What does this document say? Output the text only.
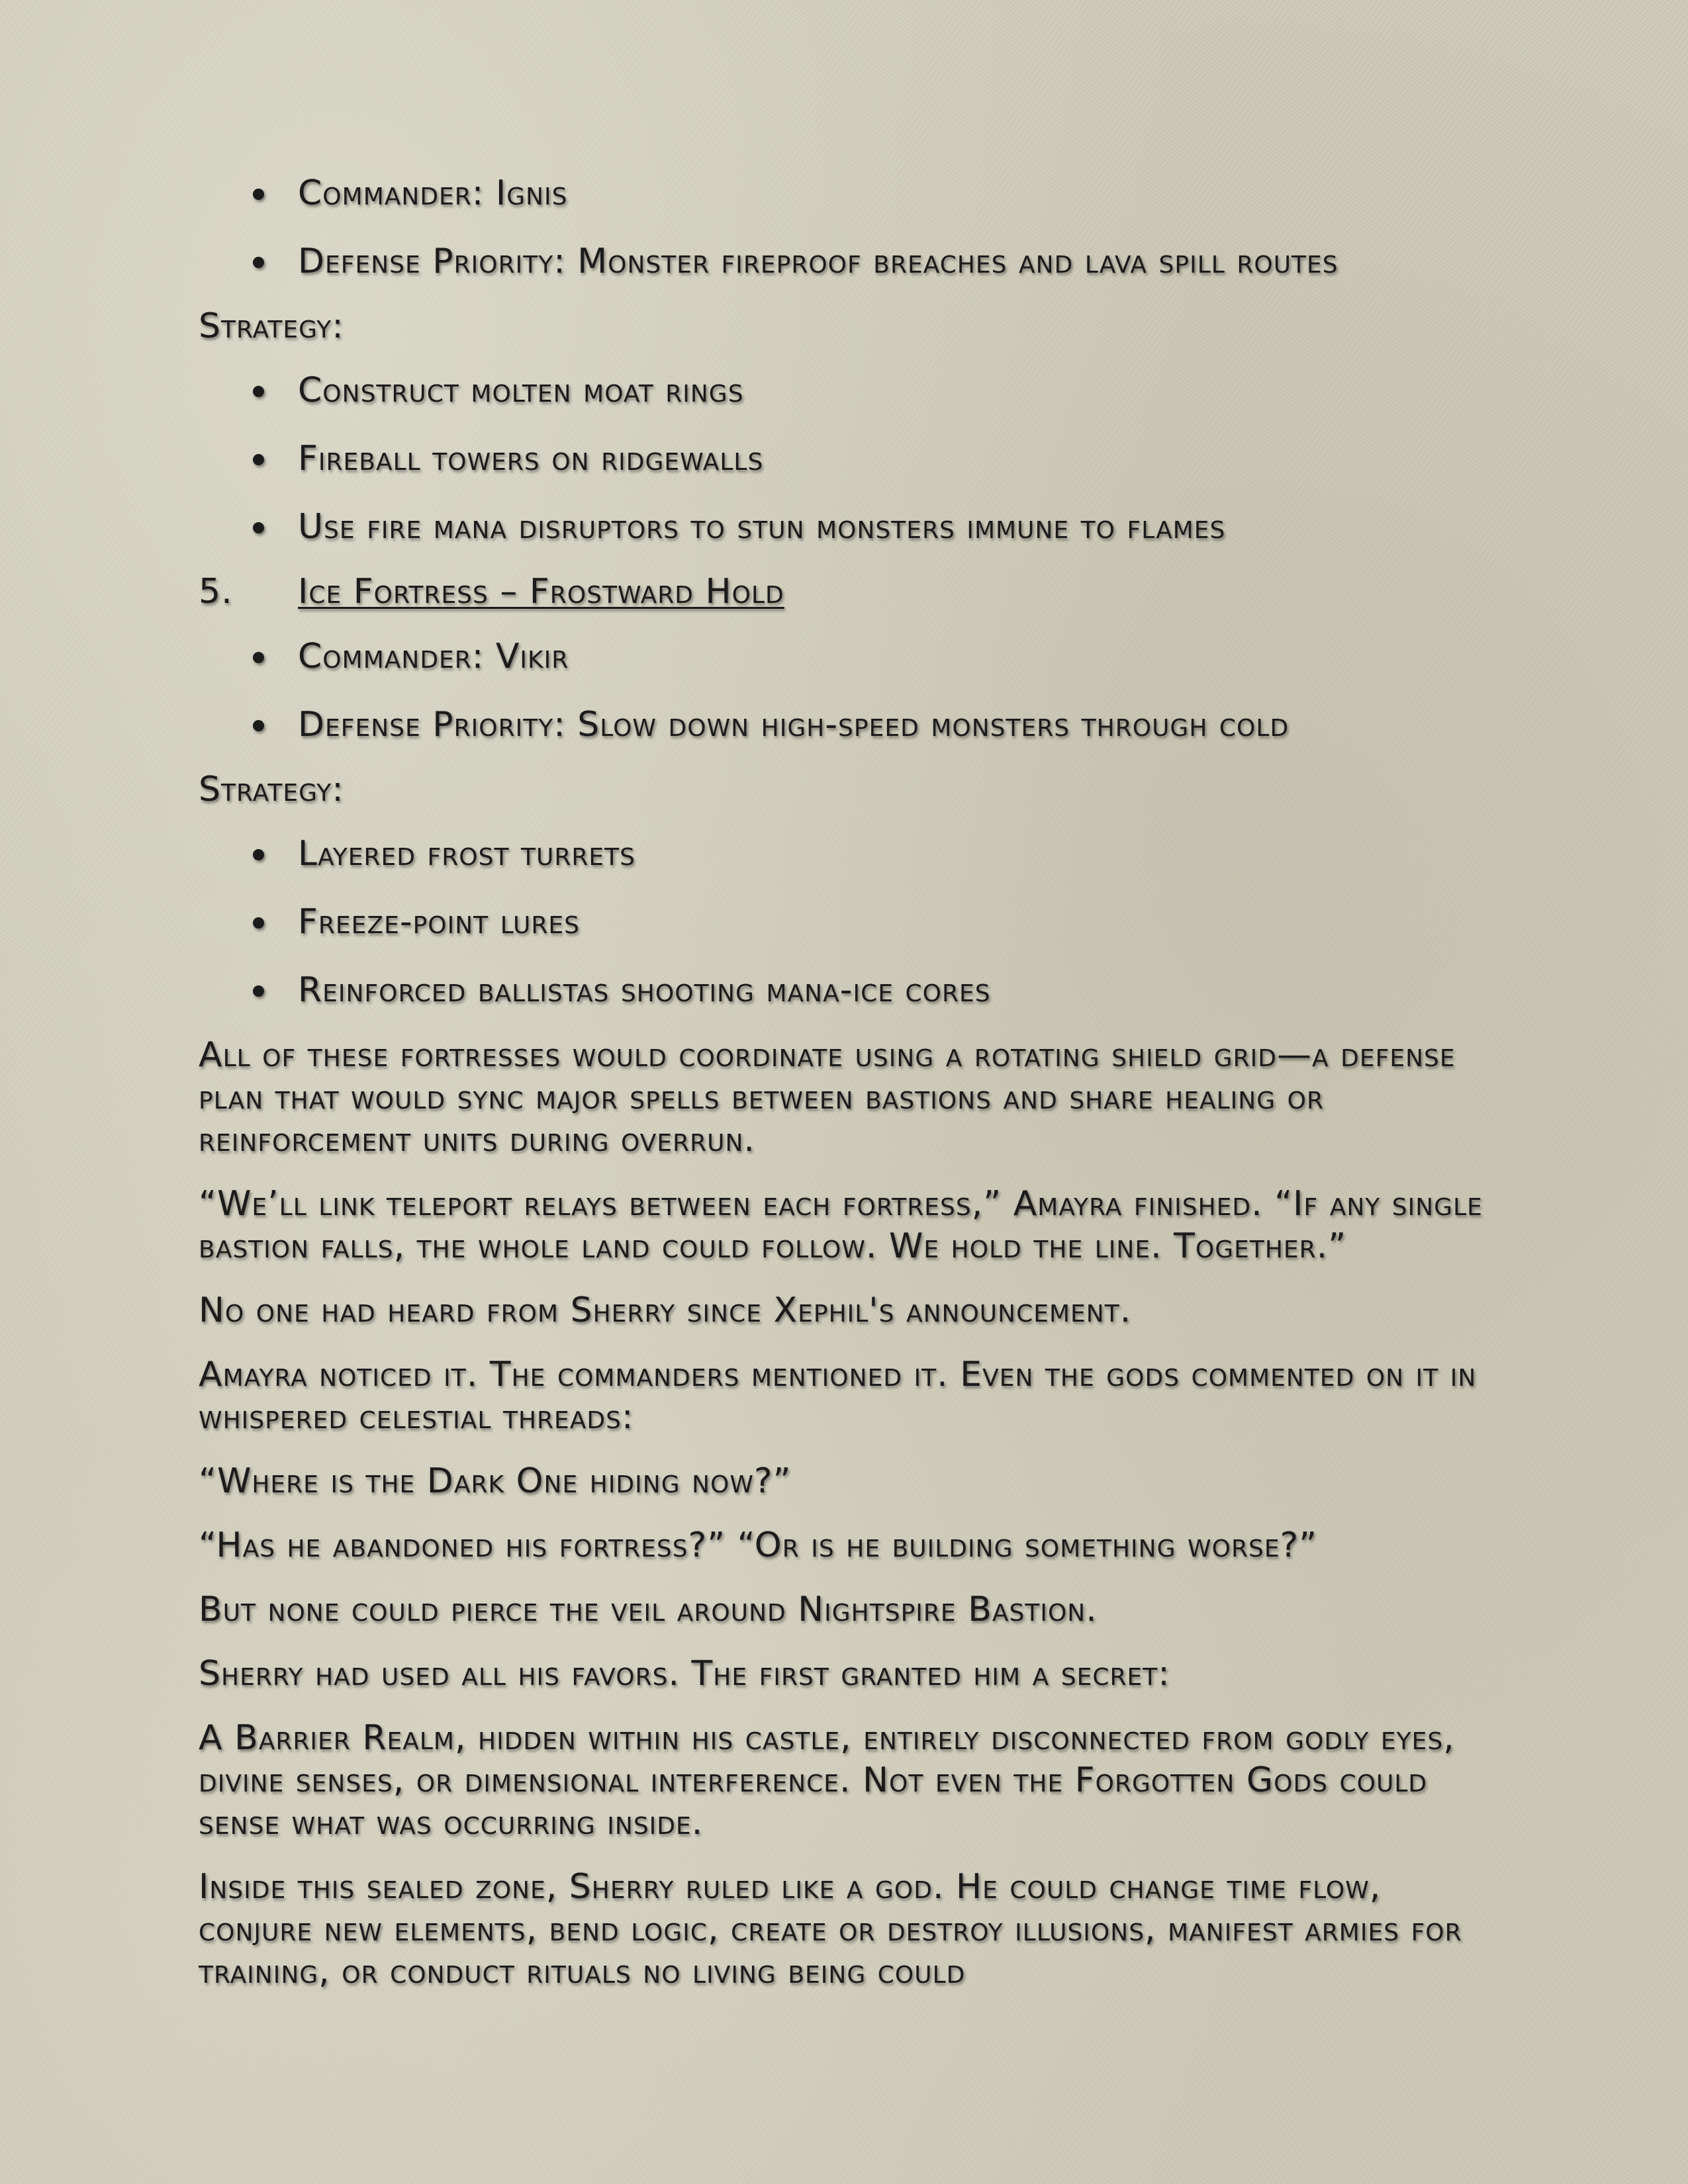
Commander: Ignis
Defense Priority: Monster fireproof breaches and lava spill routes

Strategy:

Construct molten moat rings
Fireball towers on ridgewalls
Use fire mana disruptors to stun monsters immune to flames

5. Ice Fortress – Frostward Hold

Commander: Vikir
Defense Priority: Slow down high-speed monsters through cold

Strategy:

Layered frost turrets
Freeze-point lures
Reinforced ballistas shooting mana-ice cores

All of these fortresses would coordinate using a rotating shield grid—a defense plan that would sync major spells between bastions and share healing or reinforcement units during overrun.

“We’ll link teleport relays between each fortress,” Amayra finished. “If any single bastion falls, the whole land could follow. We hold the line. Together.”

No one had heard from Sherry since Xephil's announcement.

Amayra noticed it. The commanders mentioned it. Even the gods commented on it in whispered celestial threads:

“Where is the Dark One hiding now?”

“Has he abandoned his fortress?” “Or is he building something worse?”

But none could pierce the veil around Nightspire Bastion.

Sherry had used all his favors. The first granted him a secret:

A Barrier Realm, hidden within his castle, entirely disconnected from godly eyes, divine senses, or dimensional interference. Not even the Forgotten Gods could sense what was occurring inside.

Inside this sealed zone, Sherry ruled like a god. He could change time flow, conjure new elements, bend logic, create or destroy illusions, manifest armies for training, or conduct rituals no living being could
